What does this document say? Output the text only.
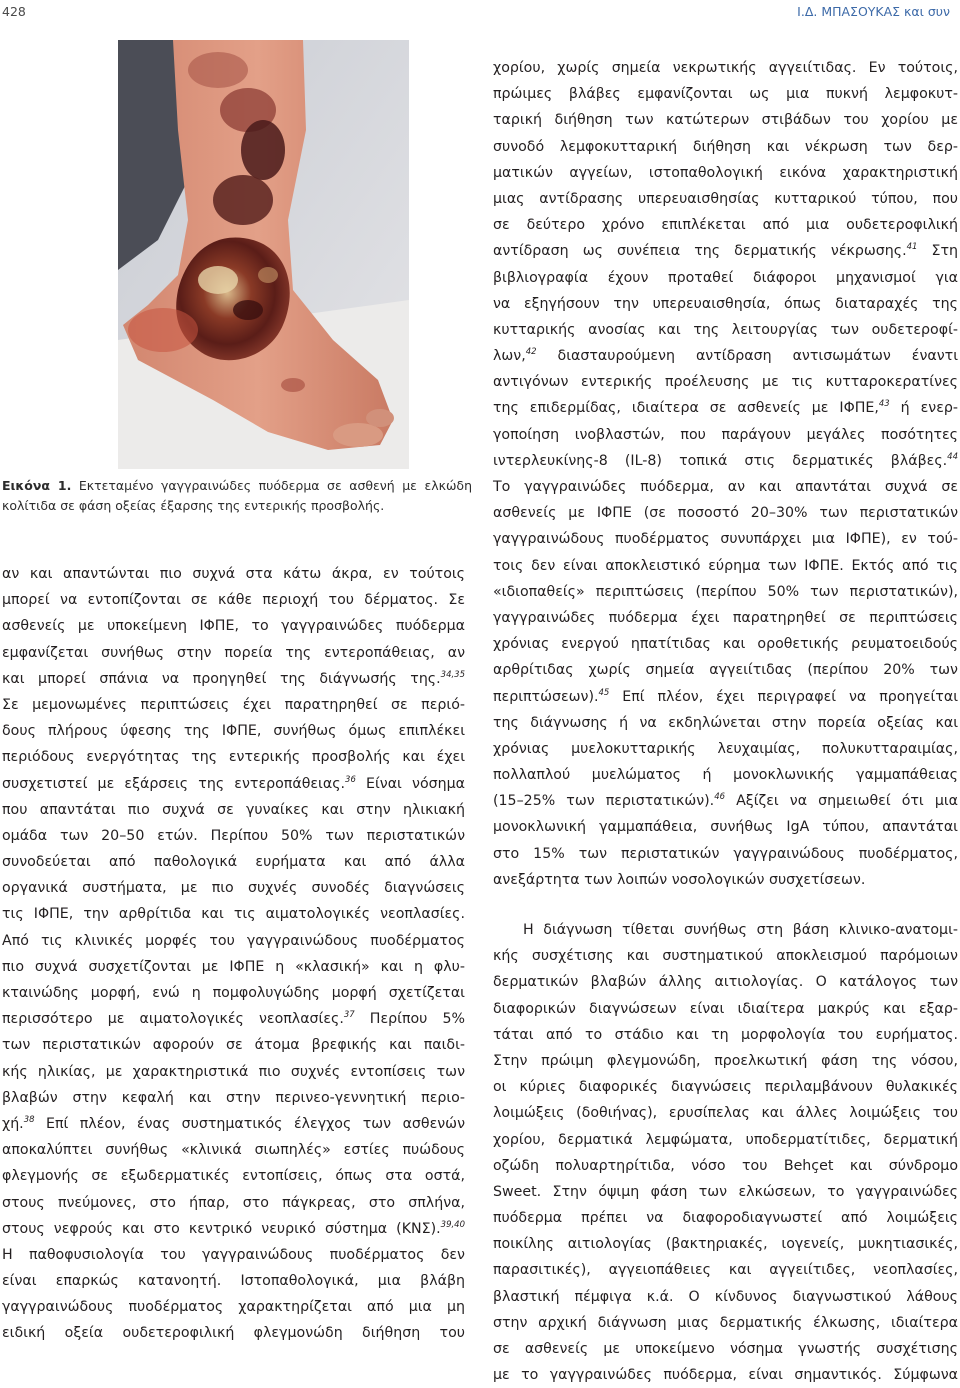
428	Ι.Δ. ΜΠΑΣΟΥΚΑΣ και συν
Εικόνα 1. Εκτεταμένο γαγγραινώδες πυόδερμα σε ασθενή με ελκώδη κολίτιδα σε φάση οξείας έξαρσης της εντερικής προσβολής.
αν και απαντώνται πιο συχνά στα κάτω άκρα, εν τούτοις
μπορεί να εντοπίζονται σε κάθε περιοχή του δέρματος. Σε
ασθενείς με υποκείμενη ΙΦΠΕ, το γαγγραινώδες πυόδερμα
εμφανίζεται συνήθως στην πορεία της εντεροπάθειας, αν
και μπορεί σπάνια να προηγηθεί της διάγνωσής της.$^{34,35}$
Σε μεμονωμένες περιπτώσεις έχει παρατηρηθεί σε περιό-
δους πλήρους ύφεσης της ΙΦΠΕ, συνήθως όμως επιπλέκει
περιόδους ενεργότητας της εντερικής προσβολής και έχει
συσχετιστεί με εξάρσεις της εντεροπάθειας.$^{36}$ Είναι νόσημα
που απαντάται πιο συχνά σε γυναίκες και στην ηλικιακή
ομάδα των 20–50 ετών. Περίπου 50% των περιστατικών
συνοδεύεται από παθολογικά ευρήματα και από άλλα
οργανικά συστήματα, με πιο συχνές συνοδές διαγνώσεις
τις ΙΦΠΕ, την αρθρίτιδα και τις αιματολογικές νεοπλασίες.
Από τις κλινικές μορφές του γαγγραινώδους πυοδέρματος
πιο συχνά συσχετίζονται με ΙΦΠΕ η «κλασική» και η φλυ-
κταινώδης μορφή, ενώ η πομφολυγώδης μορφή σχετίζεται
περισσότερο με αιματολογικές νεοπλασίες.$^{37}$ Περίπου 5%
των περιστατικών αφορούν σε άτομα βρεφικής και παιδι-
κής ηλικίας, με χαρακτηριστικά πιο συχνές εντοπίσεις των
βλαβών στην κεφαλή και στην περινεο-γεννητική περιο-
χή.$^{38}$ Επί πλέον, ένας συστηματικός έλεγχος των ασθενών
αποκαλύπτει συνήθως «κλινικά σιωπηλές» εστίες πυώδους
φλεγμονής σε εξωδερματικές εντοπίσεις, όπως στα οστά,
στους πνεύμονες, στο ήπαρ, στο πάγκρεας, στο σπλήνα,
στους νεφρούς και στο κεντρικό νευρικό σύστημα (ΚΝΣ).$^{39,40}$
Η παθοφυσιολογία του γαγγραινώδους πυοδέρματος δεν
είναι επαρκώς κατανοητή. Ιστοπαθολογικά, μια βλάβη
γαγγραινώδους πυοδέρματος χαρακτηρίζεται από μια μη
ειδική οξεία ουδετεροφιλική φλεγμονώδη διήθηση του
χορίου, χωρίς σημεία νεκρωτικής αγγειίτιδας. Εν τούτοις,
πρώιμες βλάβες εμφανίζονται ως μια πυκνή λεμφοκυτ-
ταρική διήθηση των κατώτερων στιβάδων του χορίου με
συνοδό λεμφοκυτταρική διήθηση και νέκρωση των δερ-
ματικών αγγείων, ιστοπαθολογική εικόνα χαρακτηριστική
μιας αντίδρασης υπερευαισθησίας κυτταρικού τύπου, που
σε δεύτερο χρόνο επιπλέκεται από μια ουδετεροφιλική
αντίδραση ως συνέπεια της δερματικής νέκρωσης.$^{41}$ Στη
βιβλιογραφία έχουν προταθεί διάφοροι μηχανισμοί για
να εξηγήσουν την υπερευαισθησία, όπως διαταραχές της
κυτταρικής ανοσίας και της λειτουργίας των ουδετεροφί-
λων,$^{42}$ διασταυρούμενη αντίδραση αντισωμάτων έναντι
αντιγόνων εντερικής προέλευσης με τις κυτταροκερατίνες
της επιδερμίδας, ιδιαίτερα σε ασθενείς με ΙΦΠΕ,$^{43}$ ή ενερ-
γοποίηση ινοβλαστών, που παράγουν μεγάλες ποσότητες
ιντερλευκίνης-8 (IL-8) τοπικά στις δερματικές βλάβες.$^{44}$
Το γαγγραινώδες πυόδερμα, αν και απαντάται συχνά σε
ασθενείς με ΙΦΠΕ (σε ποσοστό 20–30% των περιστατικών
γαγγραινώδους πυοδέρματος συνυπάρχει μια ΙΦΠΕ), εν τού-
τοις δεν είναι αποκλειστικό εύρημα των ΙΦΠΕ. Εκτός από τις
«ιδιοπαθείς» περιπτώσεις (περίπου 50% των περιστατικών),
γαγγραινώδες πυόδερμα έχει παρατηρηθεί σε περιπτώσεις
χρόνιας ενεργού ηπατίτιδας και οροθετικής ρευματοειδούς
αρθρίτιδας χωρίς σημεία αγγειίτιδας (περίπου 20% των
περιπτώσεων).$^{45}$ Επί πλέον, έχει περιγραφεί να προηγείται
της διάγνωσης ή να εκδηλώνεται στην πορεία οξείας και
χρόνιας μυελοκυτταρικής λευχαιμίας, πολυκυτταραιμίας,
πολλαπλού μυελώματος ή μονοκλωνικής γαμμαπάθειας
(15–25% των περιστατικών).$^{46}$ Αξίζει να σημειωθεί ότι μια
μονοκλωνική γαμμαπάθεια, συνήθως IgA τύπου, απαντάται
στο 15% των περιστατικών γαγγραινώδους πυοδέρματος,
ανεξάρτητα των λοιπών νοσολογικών συσχετίσεων.
Η διάγνωση τίθεται συνήθως στη βάση κλινικο-ανατομι-
κής συσχέτισης και συστηματικού αποκλεισμού παρόμοιων
δερματικών βλαβών άλλης αιτιολογίας. Ο κατάλογος των
διαφορικών διαγνώσεων είναι ιδιαίτερα μακρύς και εξαρ-
τάται από το στάδιο και τη μορφολογία του ευρήματος.
Στην πρώιμη φλεγμονώδη, προελκωτική φάση της νόσου,
οι κύριες διαφορικές διαγνώσεις περιλαμβάνουν θυλακικές
λοιμώξεις (δοθιήνας), ερυσίπελας και άλλες λοιμώξεις του
χορίου, δερματικά λεμφώματα, υποδερματίτιδες, δερματική
οζώδη πολυαρτηρίτιδα, νόσο του Behçet και σύνδρομο
Sweet. Στην όψιμη φάση των ελκώσεων, το γαγγραινώδες
πυόδερμα πρέπει να διαφοροδιαγνωστεί από λοιμώξεις
ποικίλης αιτιολογίας (βακτηριακές, ιογενείς, μυκητιασικές,
παρασιτικές), αγγειοπάθειες και αγγειίτιδες, νεοπλασίες,
βλαστική πέμφιγα κ.ά. Ο κίνδυνος διαγνωστικού λάθους
στην αρχική διάγνωση μιας δερματικής έλκωσης, ιδιαίτερα
σε ασθενείς με υποκείμενο νόσημα γνωστής συσχέτισης
με το γαγγραινώδες πυόδερμα, είναι σημαντικός. Σύμφωνα
